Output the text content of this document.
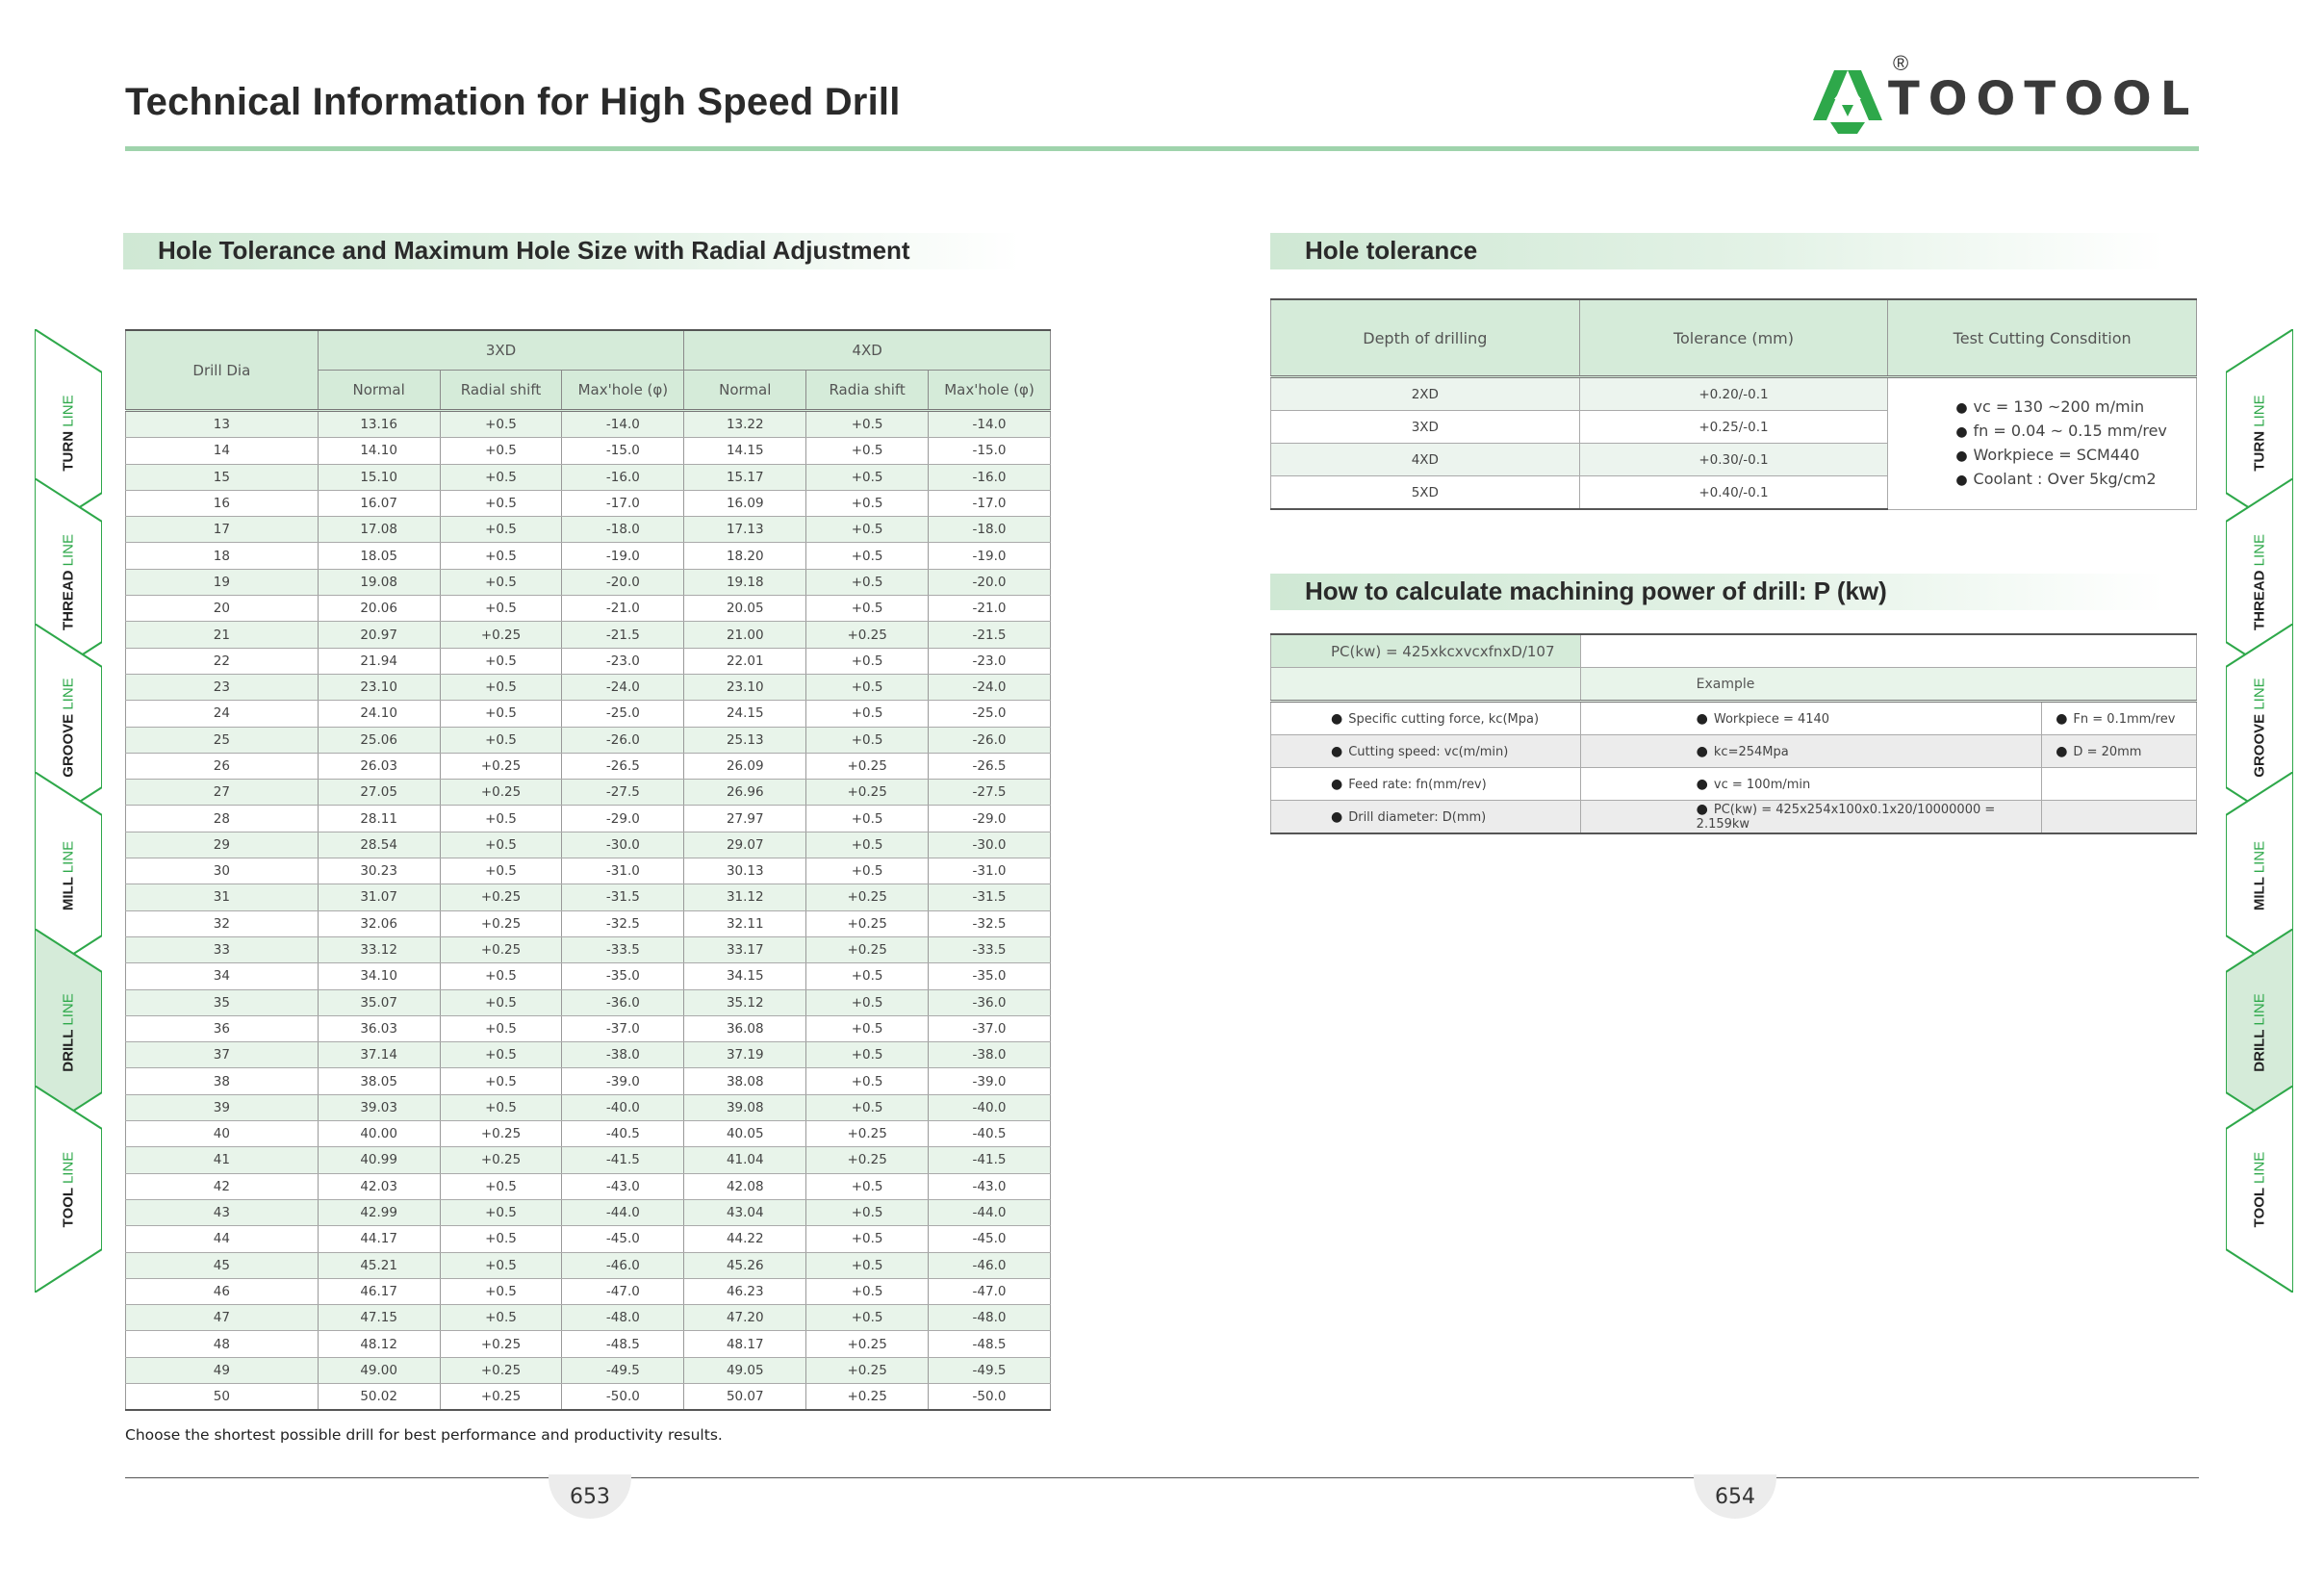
Technical Information for High Speed Drill
®
TOOTOOL
Hole Tolerance and Maximum Hole Size with Radial Adjustment
Drill Dia	3XD			4XD		
	Normal	Radial shift	Max'hole (φ)	Normal	Radia shift	Max'hole (φ)
13	13.16	+0.5	-14.0	13.22	+0.5	-14.0
14	14.10	+0.5	-15.0	14.15	+0.5	-15.0
15	15.10	+0.5	-16.0	15.17	+0.5	-16.0
16	16.07	+0.5	-17.0	16.09	+0.5	-17.0
17	17.08	+0.5	-18.0	17.13	+0.5	-18.0
18	18.05	+0.5	-19.0	18.20	+0.5	-19.0
19	19.08	+0.5	-20.0	19.18	+0.5	-20.0
20	20.06	+0.5	-21.0	20.05	+0.5	-21.0
21	20.97	+0.25	-21.5	21.00	+0.25	-21.5
22	21.94	+0.5	-23.0	22.01	+0.5	-23.0
23	23.10	+0.5	-24.0	23.10	+0.5	-24.0
24	24.10	+0.5	-25.0	24.15	+0.5	-25.0
25	25.06	+0.5	-26.0	25.13	+0.5	-26.0
26	26.03	+0.25	-26.5	26.09	+0.25	-26.5
27	27.05	+0.25	-27.5	26.96	+0.25	-27.5
28	28.11	+0.5	-29.0	27.97	+0.5	-29.0
29	28.54	+0.5	-30.0	29.07	+0.5	-30.0
30	30.23	+0.5	-31.0	30.13	+0.5	-31.0
31	31.07	+0.25	-31.5	31.12	+0.25	-31.5
32	32.06	+0.25	-32.5	32.11	+0.25	-32.5
33	33.12	+0.25	-33.5	33.17	+0.25	-33.5
34	34.10	+0.5	-35.0	34.15	+0.5	-35.0
35	35.07	+0.5	-36.0	35.12	+0.5	-36.0
36	36.03	+0.5	-37.0	36.08	+0.5	-37.0
37	37.14	+0.5	-38.0	37.19	+0.5	-38.0
38	38.05	+0.5	-39.0	38.08	+0.5	-39.0
39	39.03	+0.5	-40.0	39.08	+0.5	-40.0
40	40.00	+0.25	-40.5	40.05	+0.25	-40.5
41	40.99	+0.25	-41.5	41.04	+0.25	-41.5
42	42.03	+0.5	-43.0	42.08	+0.5	-43.0
43	42.99	+0.5	-44.0	43.04	+0.5	-44.0
44	44.17	+0.5	-45.0	44.22	+0.5	-45.0
45	45.21	+0.5	-46.0	45.26	+0.5	-46.0
46	46.17	+0.5	-47.0	46.23	+0.5	-47.0
47	47.15	+0.5	-48.0	47.20	+0.5	-48.0
48	48.12	+0.25	-48.5	48.17	+0.25	-48.5
49	49.00	+0.25	-49.5	49.05	+0.25	-49.5
50	50.02	+0.25	-50.0	50.07	+0.25	-50.0
Choose the shortest possible drill for best performance and productivity results.
Hole tolerance
Depth of drilling	Tolerance (mm)	Test Cutting Consdition
2XD	+0.20/-0.1	● vc = 130 ~200 m/min
● fn = 0.04 ~ 0.15 mm/rev
● Workpiece = SCM440
● Coolant : Over 5kg/cm2

3XD	+0.25/-0.1	
4XD	+0.30/-0.1	
5XD	+0.40/-0.1	
How to calculate machining power of drill: P (kw)
PC(kw) = 425xkcxvcxfnxD/107		
	Example	
● Specific cutting force, kc(Mpa)	● Workpiece = 4140	● Fn = 0.1mm/rev
● Cutting speed: vc(m/min)	● kc=254Mpa	● D = 20mm
● Feed rate: fn(mm/rev)	● vc = 100m/min	
● Drill diameter: D(mm)	● PC(kw) = 425x254x100x0.1x20/10000000 = 2.159kw	
653	654
TURN LINE
THREAD LINE
GROOVE LINE
MILL LINE
DRILL LINE
TOOL LINE
TURN LINE
THREAD LINE
GROOVE LINE
MILL LINE
DRILL LINE
TOOL LINE
